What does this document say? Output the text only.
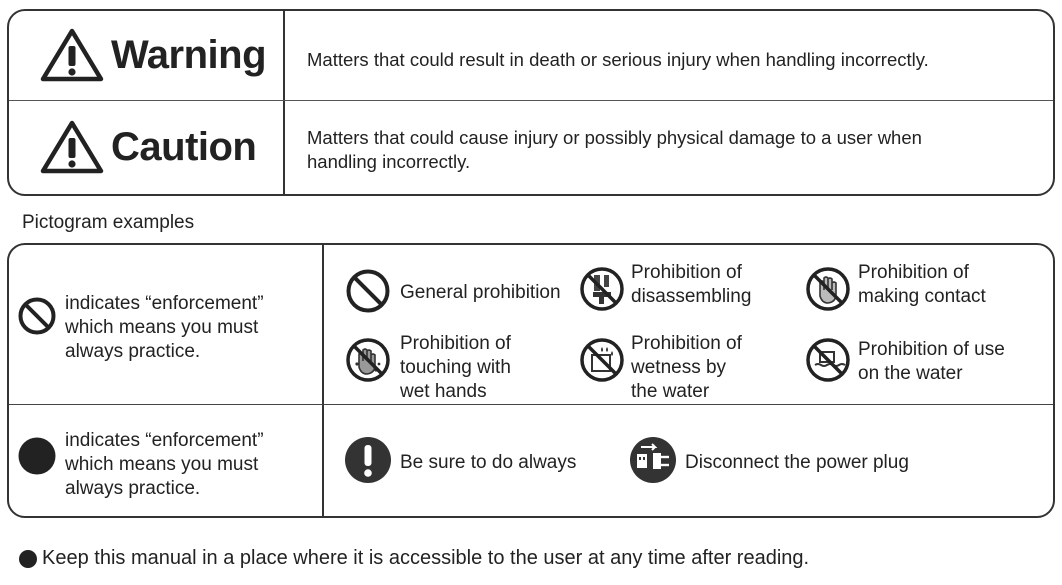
Warning Matters that could result in death or serious injury when handling incorrectly.
Caution	Matters that could cause injury or possibly physical damage to a user when
handling incorrectly.
Pictogram examples
indicates “enforcement”
which means you must
always practice.
General prohibition
Prohibition of
disassembling
Prohibition of
making contact
Prohibition of
touching with
wet hands
Prohibition of
wetness by
the water
Prohibition of use
on the water
indicates “enforcement”
which means you must
always practice.
Be sure to do always	Disconnect the power plug
Keep this manual in a place where it is accessible to the user at any time after reading.
